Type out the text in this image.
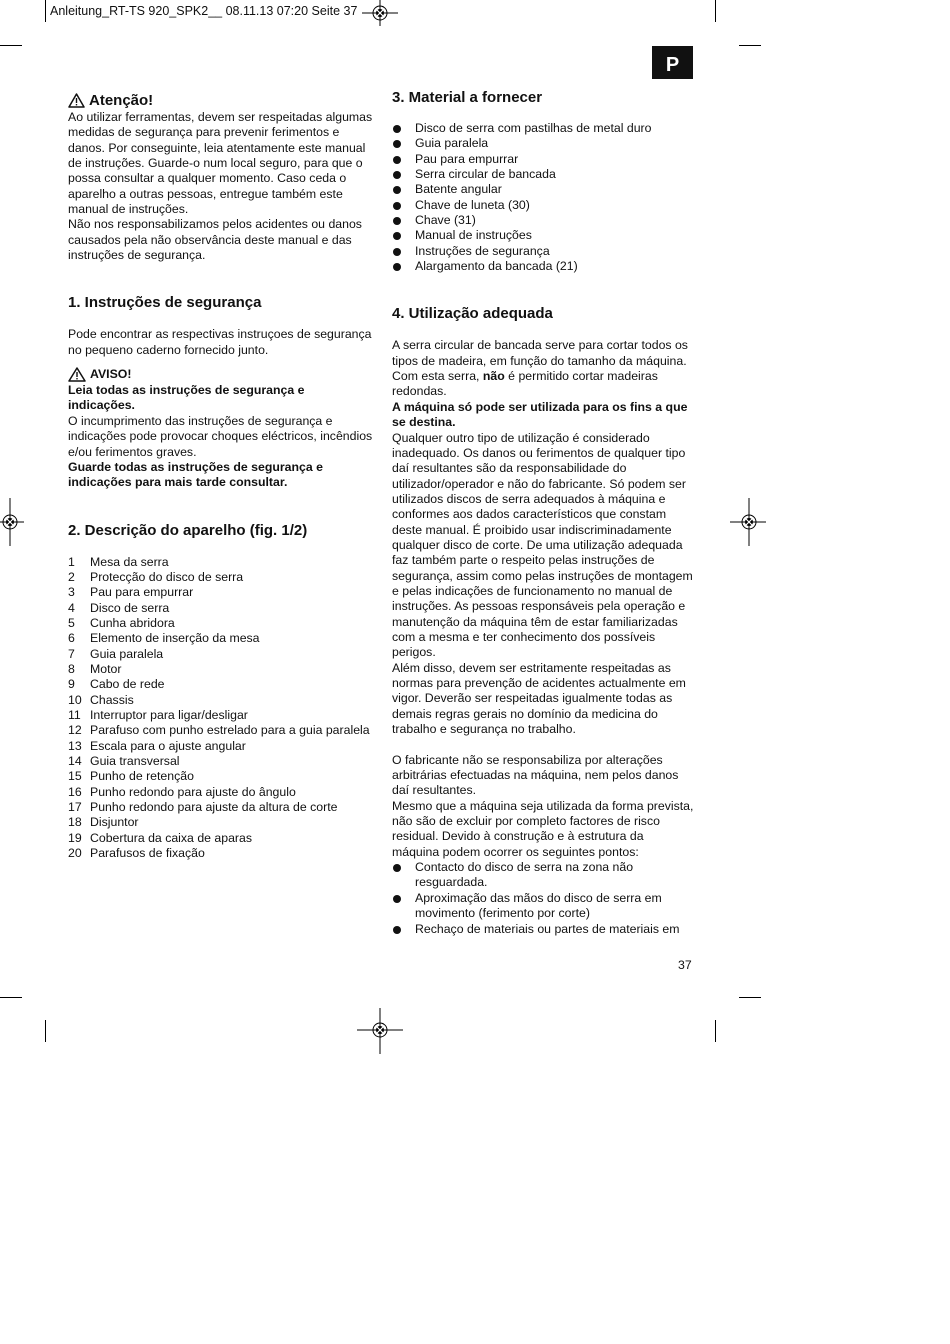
Anleitung_RT-TS 920_SPK2__ 08.11.13 07:20 Seite 37
P
Atenção!

Ao utilizar ferramentas, devem ser respeitadas algumas medidas de segurança para prevenir ferimentos e danos. Por conseguinte, leia atentamente este manual de instruções. Guarde-o num local seguro, para que o possa consultar a qualquer momento. Caso ceda o aparelho a outras pessoas, entregue também este manual de instruções.

Não nos responsabilizamos pelos acidentes ou danos causados pela não observância deste manual e das instruções de segurança.

1. Instruções de segurança

Pode encontrar as respectivas instruçoes de segurança no pequeno caderno fornecido junto.

AVISO!

Leia todas as instruções de segurança e indicações.

O incumprimento das instruções de segurança e indicações pode provocar choques eléctricos, incêndios e/ou ferimentos graves.

Guarde todas as instruções de segurança e indicações para mais tarde consultar.

2. Descrição do aparelho (fig. 1/2)
1	Mesa da serra
2	Protecção do disco de serra
3	Pau para empurrar
4	Disco de serra
5	Cunha abridora
6	Elemento de inserção da mesa
7	Guia paralela
8	Motor
9	Cabo de rede
10 Chassis
11 Interruptor para ligar/desligar
12 Parafuso com punho estrelado para a guia paralela
13 Escala para o ajuste angular
14 Guia transversal
15 Punho de retenção
16 Punho redondo para ajuste do ângulo
17 Punho redondo para ajuste da altura de corte
18 Disjuntor
19 Cobertura da caixa de aparas
20 Parafusos de fixação
3. Material a fornecer
Disco de serra com pastilhas de metal duro
Guia paralela
Pau para empurrar
Serra circular de bancada
Batente angular
Chave de luneta (30)
Chave (31)
Manual de instruções
Instruções de segurança
Alargamento da bancada (21)
4. Utilização adequada

A serra circular de bancada serve para cortar todos os tipos de madeira, em função do tamanho da máquina. Com esta serra, não é permitido cortar madeiras redondas.

A máquina só pode ser utilizada para os fins a que se destina.

Qualquer outro tipo de utilização é considerado inadequado. Os danos ou ferimentos de qualquer tipo daí resultantes são da responsabilidade do utilizador/operador e não do fabricante. Só podem ser utilizados discos de serra adequados à máquina e conformes aos dados característicos que constam deste manual. É proibido usar indiscriminadamente qualquer disco de corte. De uma utilização adequada faz também parte o respeito pelas instruções de segurança, assim como pelas instruções de montagem e pelas indicações de funcionamento no manual de instruções. As pessoas responsáveis pela operação e manutenção da máquina têm de estar familiarizadas com a mesma e ter conhecimento dos possíveis perigos.

Além disso, devem ser estritamente respeitadas as normas para prevenção de acidentes actualmente em vigor. Deverão ser respeitadas igualmente todas as demais regras gerais no domínio da medicina do trabalho e segurança no trabalho.

O fabricante não se responsabiliza por alterações arbitrárias efectuadas na máquina, nem pelos danos daí resultantes.

Mesmo que a máquina seja utilizada da forma prevista, não são de excluir por completo factores de risco residual. Devido à construção e à estrutura da máquina podem ocorrer os seguintes pontos:

Contacto do disco de serra na zona não resguardada.
Aproximação das mãos do disco de serra em movimento (ferimento por corte)
Rechaço de materiais ou partes de materiais em
37
